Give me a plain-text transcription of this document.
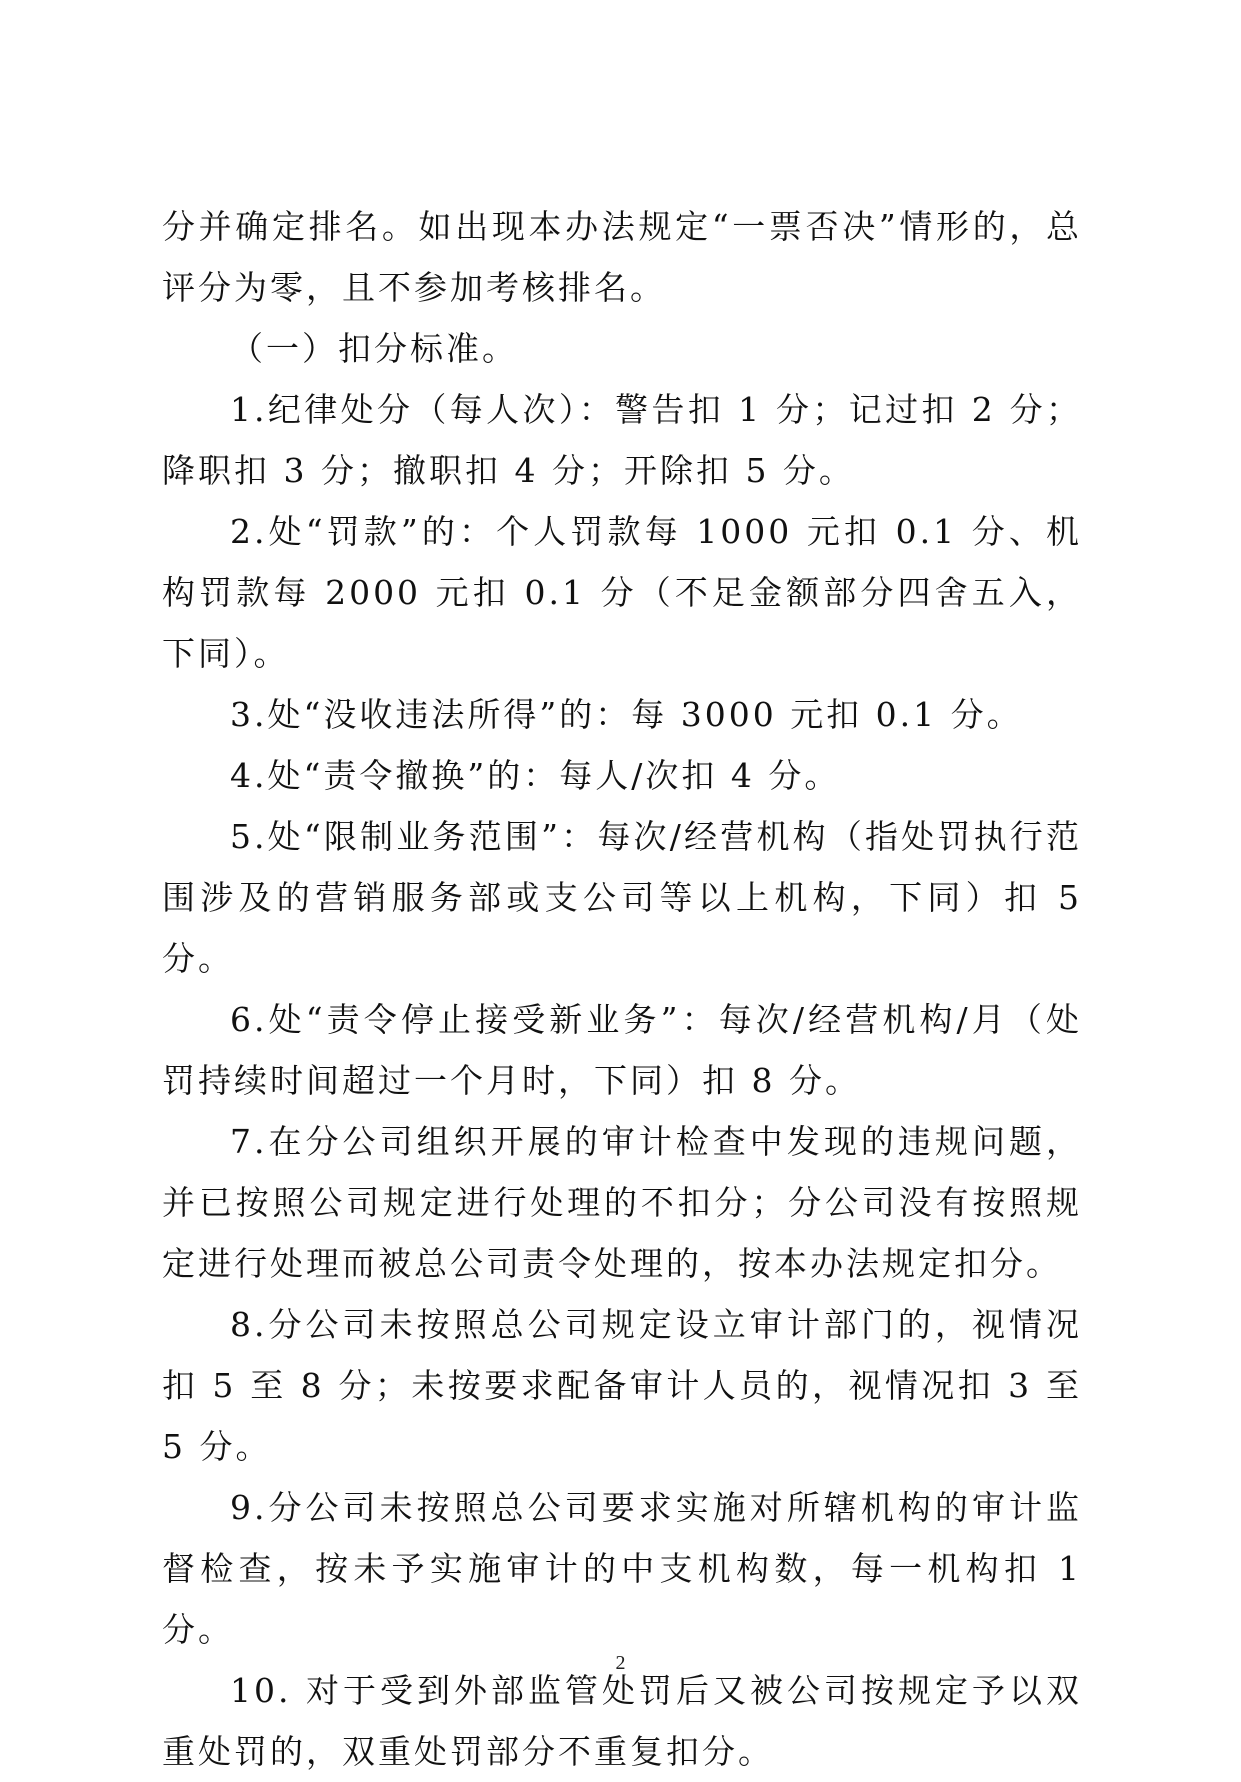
分并确定排名。如出现本办法规定“一票否决”情形的，总评分为零，且不参加考核排名。

（一）扣分标准。

1.纪律处分（每人次）：警告扣 1 分；记过扣 2 分；降职扣 3 分；撤职扣 4 分；开除扣 5 分。

2.处“罚款”的：个人罚款每 1000 元扣 0.1 分、机构罚款每 2000 元扣 0.1 分（不足金额部分四舍五入，下同）。

3.处“没收违法所得”的：每 3000 元扣 0.1 分。

4.处“责令撤换”的：每人/次扣 4 分。

5.处“限制业务范围”：每次/经营机构（指处罚执行范围涉及的营销服务部或支公司等以上机构，下同）扣 5 分。

6.处“责令停止接受新业务”：每次/经营机构/月（处罚持续时间超过一个月时，下同）扣 8 分。

7.在分公司组织开展的审计检查中发现的违规问题，并已按照公司规定进行处理的不扣分；分公司没有按照规定进行处理而被总公司责令处理的，按本办法规定扣分。

8.分公司未按照总公司规定设立审计部门的，视情况扣 5 至 8 分；未按要求配备审计人员的，视情况扣 3 至 5 分。

9.分公司未按照总公司要求实施对所辖机构的审计监督检查，按未予实施审计的中支机构数，每一机构扣 1 分。

10. 对于受到外部监管处罚后又被公司按规定予以双重处罚的，双重处罚部分不重复扣分。

2
